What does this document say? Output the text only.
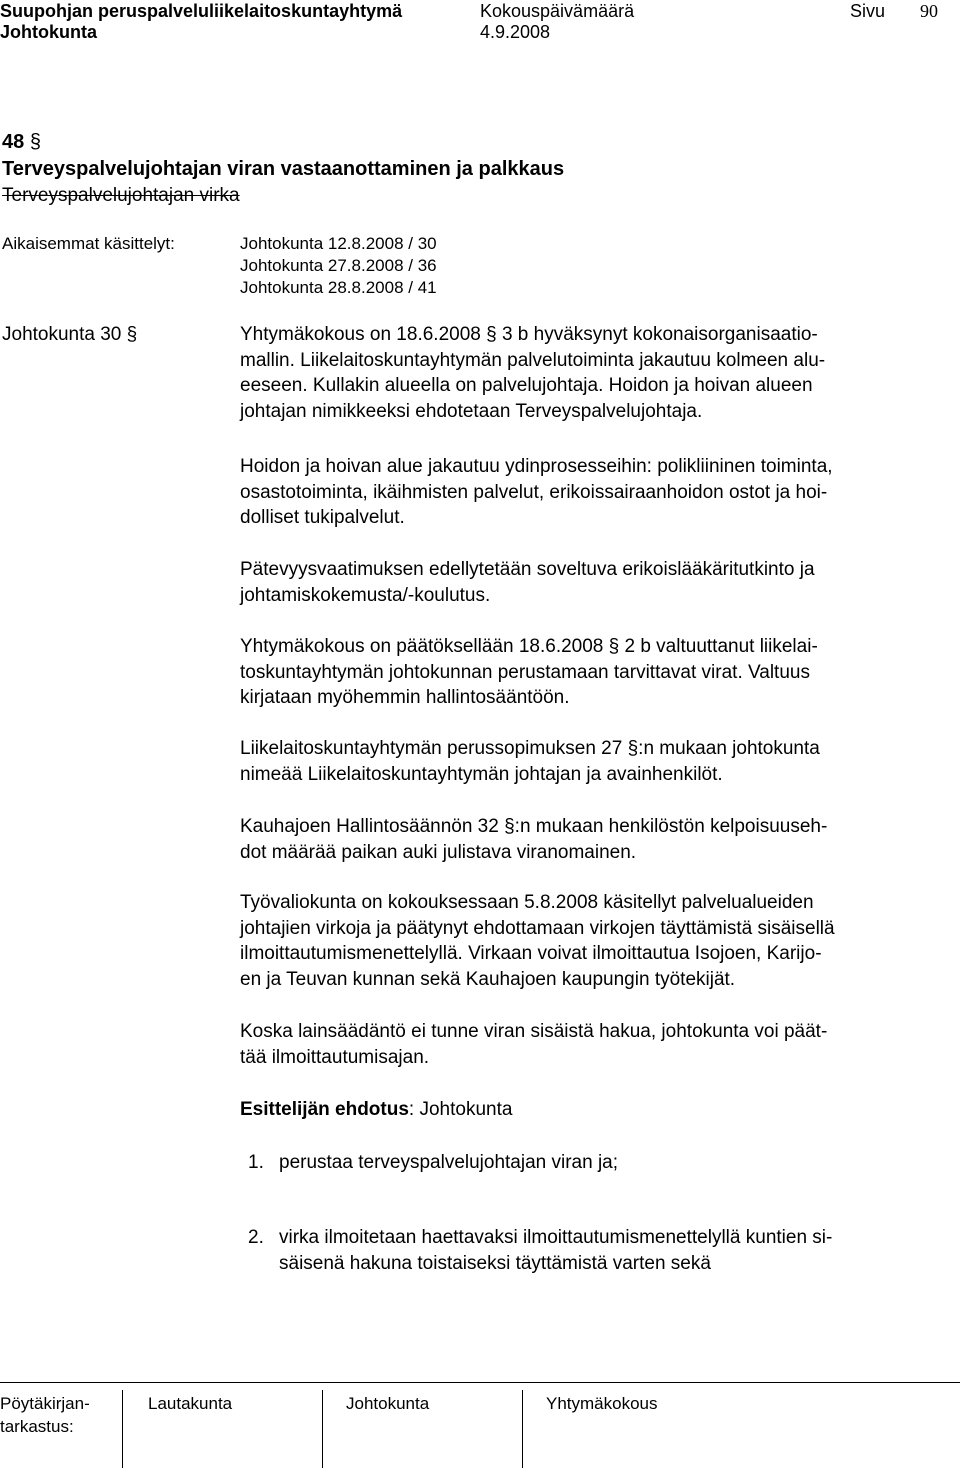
Suupohjan peruspalveluliikelaitoskuntayhtymä
Johtokunta
Kokouspäivämäärä
4.9.2008
Sivu 90
48 §
Terveyspalvelujohtajan viran vastaanottaminen ja palkkaus
Terveyspalvelujohtajan virka
Aikaisemmat käsittelyt:	Johtokunta 12.8.2008 / 30
Johtokunta 27.8.2008 / 36
Johtokunta 28.8.2008 / 41
Johtokunta 30 §	Yhtymäkokous on 18.6.2008 § 3 b hyväksynyt kokonaisorganisaatio-
mallin. Liikelaitoskuntayhtymän palvelutoiminta jakautuu kolmeen alu-
eeseen. Kullakin alueella on palvelujohtaja. Hoidon ja hoivan alueen
johtajan nimikkeeksi ehdotetaan Terveyspalvelujohtaja.
Hoidon ja hoivan alue jakautuu ydinprosesseihin: polikliininen toiminta,
osastotoiminta, ikäihmisten palvelut, erikoissairaanhoidon ostot ja hoi-
dolliset tukipalvelut.
Pätevyysvaatimuksen edellytetään soveltuva erikoislääkäritutkinto ja
johtamiskokemusta/-koulutus.
Yhtymäkokous on päätöksellään 18.6.2008 § 2 b valtuuttanut liikelai-
toskuntayhtymän johtokunnan perustamaan tarvittavat virat. Valtuus
kirjataan myöhemmin hallintosääntöön.
Liikelaitoskuntayhtymän perussopimuksen 27 §:n mukaan johtokunta
nimeää Liikelaitoskuntayhtymän johtajan ja avainhenkilöt.
Kauhajoen Hallintosäännön 32 §:n mukaan henkilöstön kelpoisuuseh-
dot määrää paikan auki julistava viranomainen.
Työvaliokunta on kokouksessaan 5.8.2008 käsitellyt palvelualueiden
johtajien virkoja ja päätynyt ehdottamaan virkojen täyttämistä sisäisellä
ilmoittautumismenettelyllä. Virkaan voivat ilmoittautua Isojoen, Karijo-
en ja Teuvan kunnan sekä Kauhajoen kaupungin työtekijät.
Koska lainsäädäntö ei tunne viran sisäistä hakua, johtokunta voi päät-
tää ilmoittautumisajan.
Esittelijän ehdotus: Johtokunta
1. perustaa terveyspalvelujohtajan viran ja;
2. virka ilmoitetaan haettavaksi ilmoittautumismenettelyllä kuntien si-
säisenä hakuna toistaiseksi täyttämistä varten sekä
Pöytäkirjan-
tarkastus:
Lautakunta	Johtokunta	Yhtymäkokous
